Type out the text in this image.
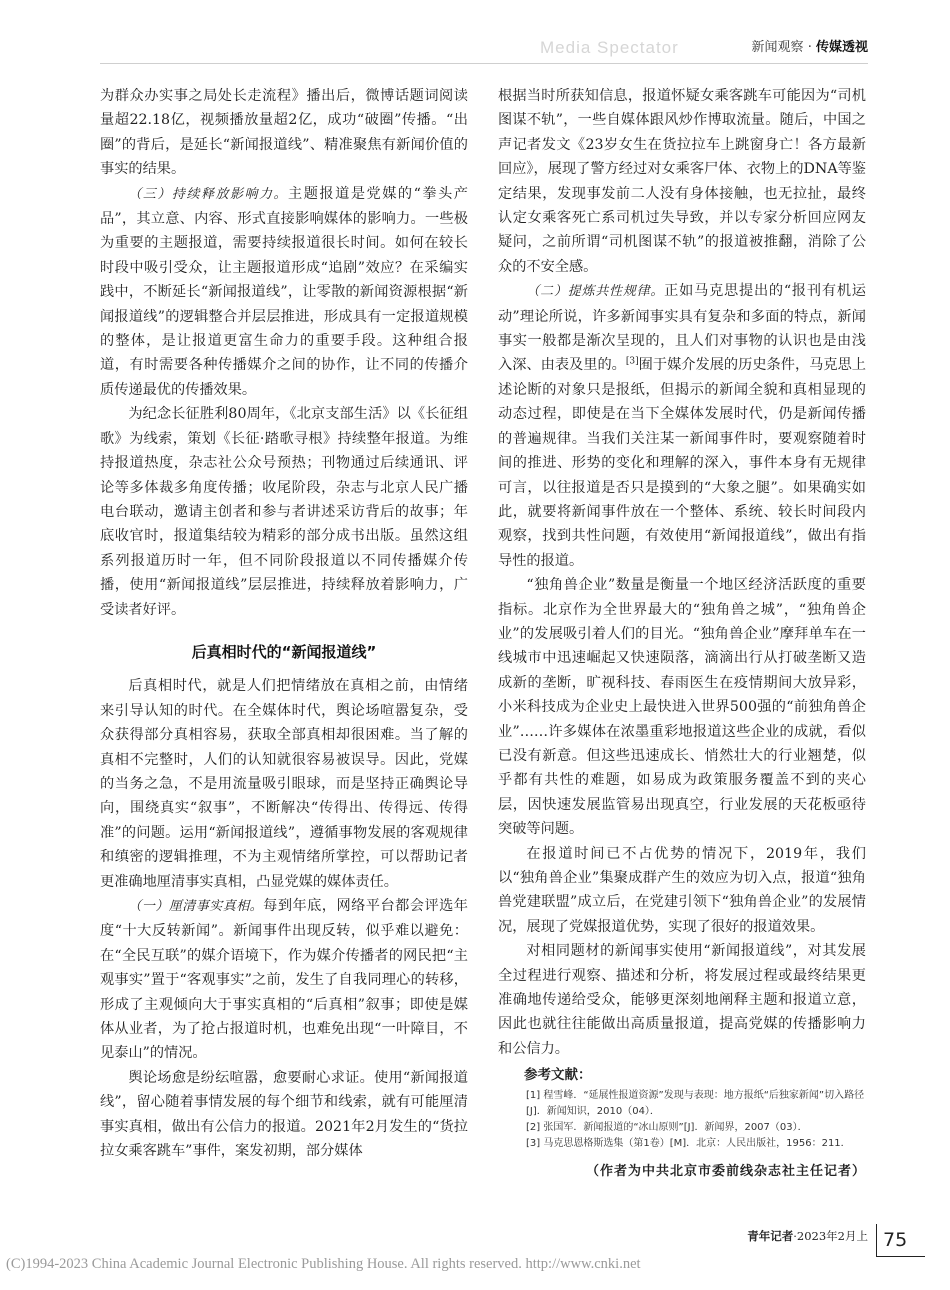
Media Spectator	新闻观察 · 传媒透视

为群众办实事之局处长走流程》播出后，微博话题词阅读量超22.18亿，视频播放量超2亿，成功“破圈”传播。“出圈”的背后，是延长“新闻报道线”、精准聚焦有新闻价值的事实的结果。

（三）持续释放影响力。主题报道是党媒的“拳头产品”，其立意、内容、形式直接影响媒体的影响力。一些极为重要的主题报道，需要持续报道很长时间。如何在较长时段中吸引受众，让主题报道形成“追剧”效应？在采编实践中，不断延长“新闻报道线”，让零散的新闻资源根据“新闻报道线”的逻辑整合并层层推进，形成具有一定报道规模的整体，是让报道更富生命力的重要手段。这种组合报道，有时需要各种传播媒介之间的协作，让不同的传播介质传递最优的传播效果。

为纪念长征胜利80周年，《北京支部生活》以《长征组歌》为线索，策划《长征·踏歌寻根》持续整年报道。为维持报道热度，杂志社公众号预热；刊物通过后续通讯、评论等多体裁多角度传播；收尾阶段，杂志与北京人民广播电台联动，邀请主创者和参与者讲述采访背后的故事；年底收官时，报道集结较为精彩的部分成书出版。虽然这组系列报道历时一年，但不同阶段报道以不同传播媒介传播，使用“新闻报道线”层层推进，持续释放着影响力，广受读者好评。

后真相时代的“新闻报道线”

后真相时代，就是人们把情绪放在真相之前，由情绪来引导认知的时代。在全媒体时代，舆论场喧嚣复杂，受众获得部分真相容易，获取全部真相却很困难。当了解的真相不完整时，人们的认知就很容易被误导。因此，党媒的当务之急，不是用流量吸引眼球，而是坚持正确舆论导向，围绕真实“叙事”，不断解决“传得出、传得远、传得准”的问题。运用“新闻报道线”，遵循事物发展的客观规律和缜密的逻辑推理，不为主观情绪所掌控，可以帮助记者更准确地厘清事实真相，凸显党媒的媒体责任。

（一）厘清事实真相。每到年底，网络平台都会评选年度“十大反转新闻”。新闻事件出现反转，似乎难以避免：在“全民互联”的媒介语境下，作为媒介传播者的网民把“主观事实”置于“客观事实”之前，发生了自我同理心的转移，形成了主观倾向大于事实真相的“后真相”叙事；即使是媒体从业者，为了抢占报道时机，也难免出现“一叶障目，不见泰山”的情况。

舆论场愈是纷纭喧嚣，愈要耐心求证。使用“新闻报道线”，留心随着事情发展的每个细节和线索，就有可能厘清事实真相，做出有公信力的报道。2021年2月发生的“货拉拉女乘客跳车”事件，案发初期，部分媒体

根据当时所获知信息，报道怀疑女乘客跳车可能因为“司机图谋不轨”，一些自媒体跟风炒作博取流量。随后，中国之声记者发文《23岁女生在货拉拉车上跳窗身亡！各方最新回应》，展现了警方经过对女乘客尸体、衣物上的DNA等鉴定结果，发现事发前二人没有身体接触，也无拉扯，最终认定女乘客死亡系司机过失导致，并以专家分析回应网友疑问，之前所谓“司机图谋不轨”的报道被推翻，消除了公众的不安全感。

（二）提炼共性规律。正如马克思提出的“报刊有机运动”理论所说，许多新闻事实具有复杂和多面的特点，新闻事实一般都是渐次呈现的，且人们对事物的认识也是由浅入深、由表及里的。[3]囿于媒介发展的历史条件，马克思上述论断的对象只是报纸，但揭示的新闻全貌和真相显现的动态过程，即使是在当下全媒体发展时代，仍是新闻传播的普遍规律。当我们关注某一新闻事件时，要观察随着时间的推进、形势的变化和理解的深入，事件本身有无规律可言，以往报道是否只是摸到的“大象之腿”。如果确实如此，就要将新闻事件放在一个整体、系统、较长时间段内观察，找到共性问题，有效使用“新闻报道线”，做出有指导性的报道。

“独角兽企业”数量是衡量一个地区经济活跃度的重要指标。北京作为全世界最大的“独角兽之城”，“独角兽企业”的发展吸引着人们的目光。“独角兽企业”摩拜单车在一线城市中迅速崛起又快速陨落，滴滴出行从打破垄断又造成新的垄断，旷视科技、春雨医生在疫情期间大放异彩，小米科技成为企业史上最快进入世界500强的“前独角兽企业”……许多媒体在浓墨重彩地报道这些企业的成就，看似已没有新意。但这些迅速成长、悄然壮大的行业翘楚，似乎都有共性的难题，如易成为政策服务覆盖不到的夹心层，因快速发展监管易出现真空，行业发展的天花板亟待突破等问题。

在报道时间已不占优势的情况下，2019年，我们以“独角兽企业”集聚成群产生的效应为切入点，报道“独角兽党建联盟”成立后，在党建引领下“独角兽企业”的发展情况，展现了党媒报道优势，实现了很好的报道效果。

对相同题材的新闻事实使用“新闻报道线”，对其发展全过程进行观察、描述和分析，将发展过程或最终结果更准确地传递给受众，能够更深刻地阐释主题和报道立意，因此也就往往能做出高质量报道，提高党媒的传播影响力和公信力。

参考文献：
[1] 程雪峰．“延展性报道资源”发现与表现：地方报纸“后独家新闻”切入路径 [J]．新闻知识，2010（04）．
[2] 张国军．新闻报道的“冰山原则”[J]．新闻界，2007（03）．
[3] 马克思恩格斯选集（第1卷）[M]．北京：人民出版社，1956：211．
（作者为中共北京市委前线杂志社主任记者）
青年记者·2023年2月上 75
(C)1994-2023 China Academic Journal Electronic Publishing House. All rights reserved. http://www.cnki.net
